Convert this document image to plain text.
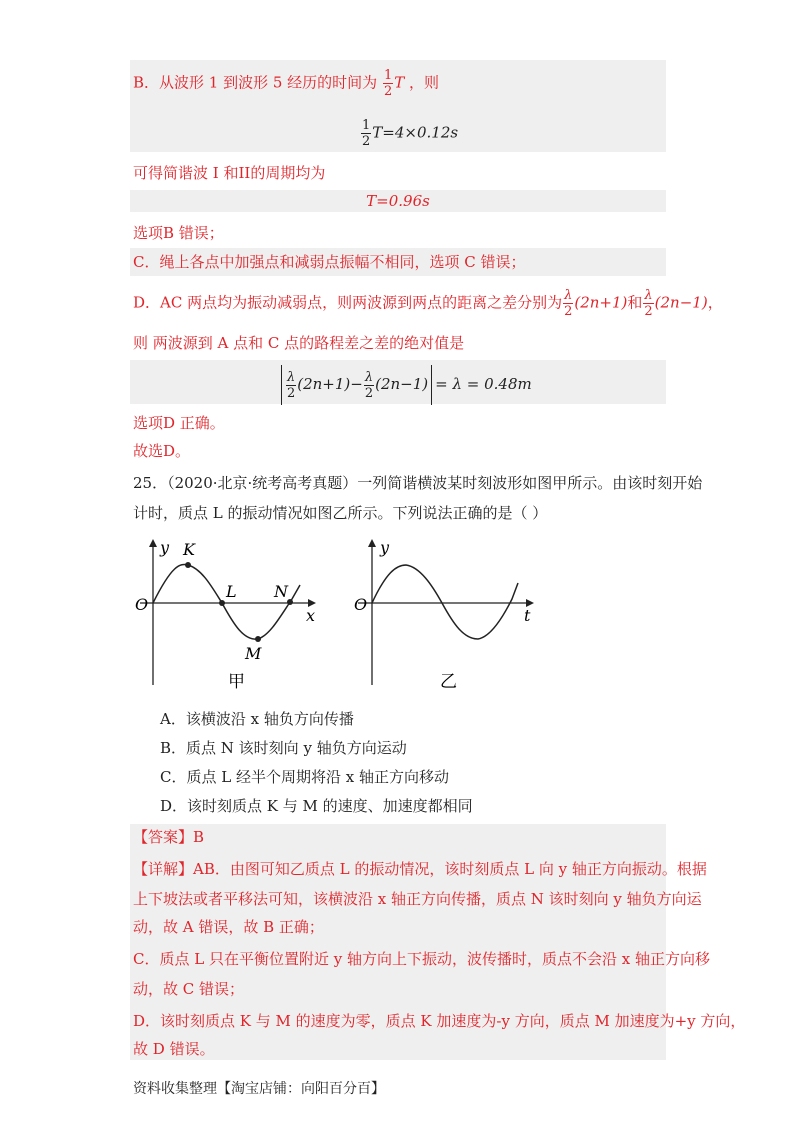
B．从波形 1 到波形 5 经历的时间为 $\frac{1}{2}$ T ，则
$\frac{1}{2} T=4\times 0.12s$
可得简谐波 I 和II的周期均为
T=0.96s
选项B 错误；
C．绳上各点中加强点和减弱点振幅不相同，选项 C 错误；
D．AC 两点均为振动减弱点，则两波源到两点的距离之差分别为 $\frac{\lambda}{2} (2n+1)$和 $\frac{\lambda}{2} (2n-1)$，
则 两波源到 A 点和 C 点的路程差之差的绝对值是
$\frac{\lambda}{2} (2n+1)- \frac{\lambda}{2} (2n-1) = \lambda = 0.48m$
选项D 正确。
故选D。
25．（2020·北京·统考高考真题）一列简谐横波某时刻波形如图甲所示。由该时刻开始
计时，质点 L 的振动情况如图乙所示。下列说法正确的是（ ）
y
O
x
K
L N
M
甲
y
O
t
乙
A．该横波沿 x 轴负方向传播
B．质点 N 该时刻向 y 轴负方向运动
C．质点 L 经半个周期将沿 x 轴正方向移动
D．该时刻质点 K 与 M 的速度、加速度都相同
【答案】B
【详解】AB．由图可知乙质点 L 的振动情况，该时刻质点 L 向 y 轴正方向振动。根据
上下坡法或者平移法可知，该横波沿 x 轴正方向传播，质点 N 该时刻向 y 轴负方向运
动，故 A 错误，故 B 正确；
C．质点 L 只在平衡位置附近 y 轴方向上下振动，波传播时，质点不会沿 x 轴正方向移
动，故 C 错误；
D．该时刻质点 K 与 M 的速度为零，质点 K 加速度为-y 方向，质点 M 加速度为+y 方向，
故 D 错误。
资料收集整理【淘宝店铺：向阳百分百】
